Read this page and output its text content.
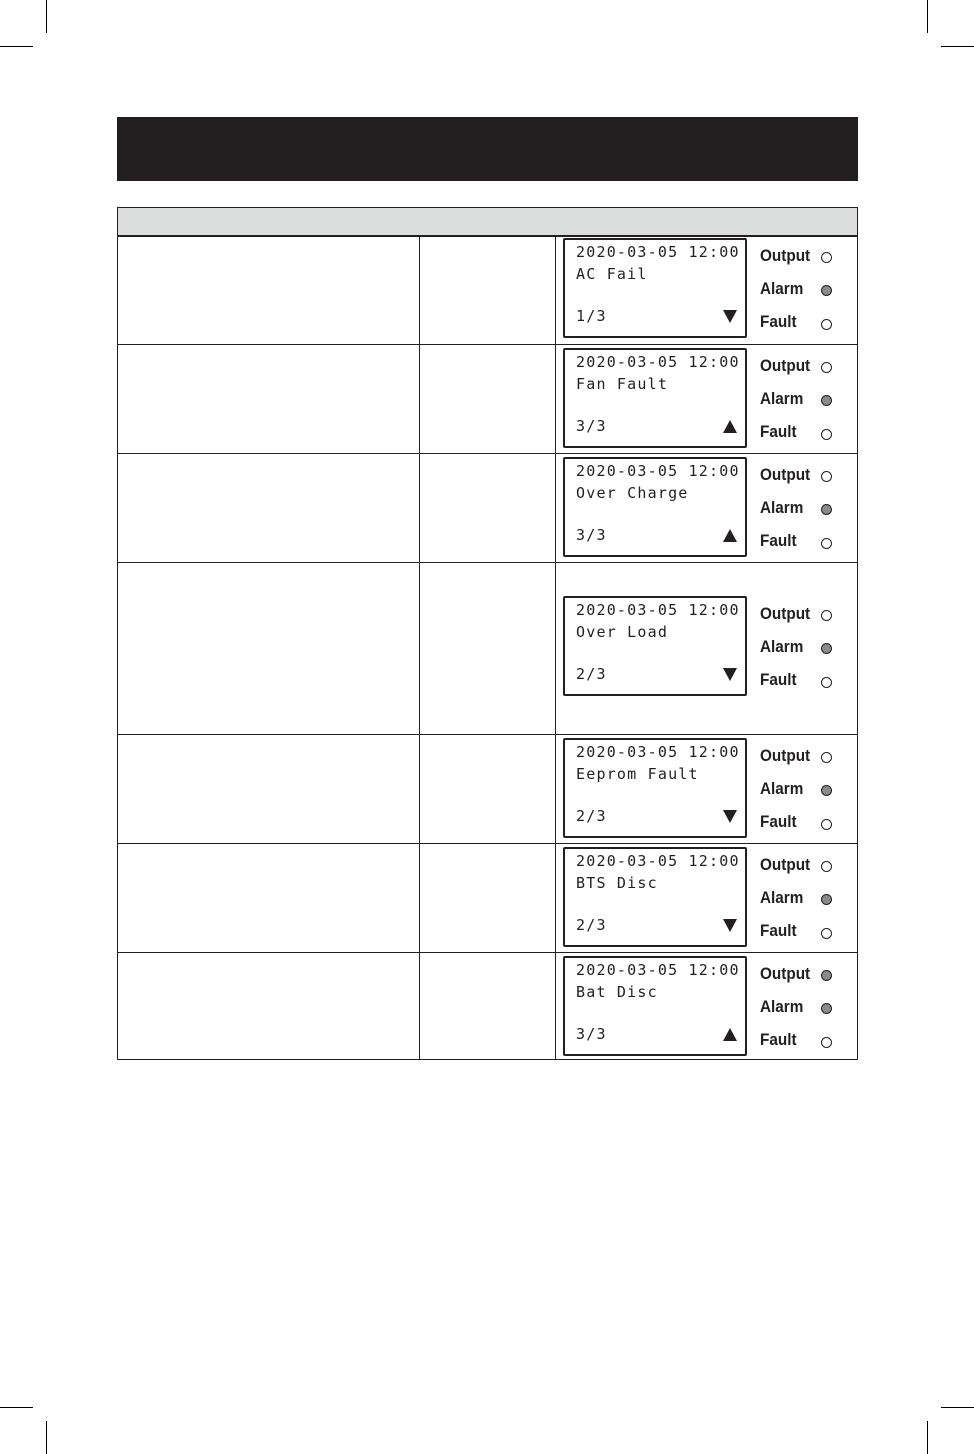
2020-03-05 12:00
AC Fail
1/3
Output
Alarm
Fault
2020-03-05 12:00
Fan Fault
3/3
Output
Alarm
Fault
2020-03-05 12:00
Over Charge
3/3
Output
Alarm
Fault
2020-03-05 12:00
Over Load
2/3
Output
Alarm
Fault
2020-03-05 12:00
Eeprom Fault
2/3
Output
Alarm
Fault
2020-03-05 12:00
BTS Disc
2/3
Output
Alarm
Fault
2020-03-05 12:00
Bat Disc
3/3
Output
Alarm
Fault
